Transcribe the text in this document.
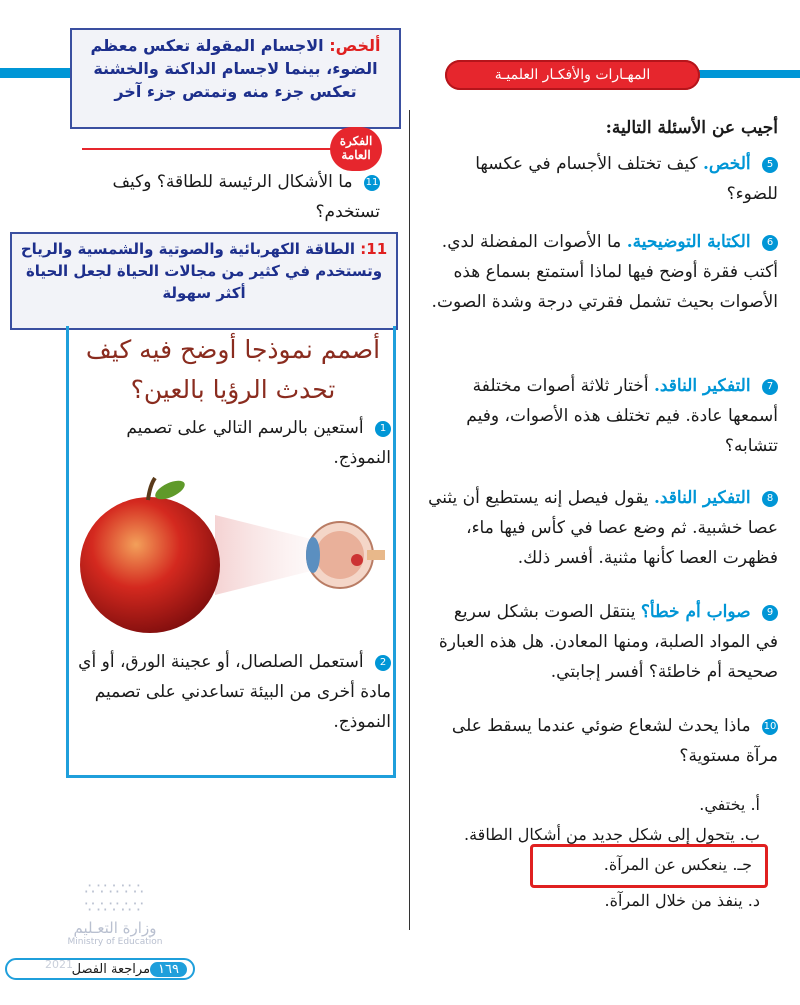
المهـارات والأفكـار العلميـة
ألخص: الاجسام المقولة تعكس معظم الضوء، بينما لاجسام الداكنة والخشنة تعكس جزء منه وتمتص جزء آخر
الفكرة
العامة
11 ما الأشكال الرئيسة للطاقة؟ وكيف تستخدم؟
11: الطاقة الكهربائية والصوتية والشمسية والرياح وتستخدم في كثير من مجالات الحياة لجعل الحياة أكثر سهولة
أصمم نموذجا أوضح فيه كيف تحدث الرؤيا بالعين؟
1 أستعين بالرسم التالي على تصميم النموذج.
2 أستعمل الصلصال، أو عجينة الورق، أو أي مادة أخرى من البيئة تساعدني على تصميم النموذج.
أجيب عن الأسئلة التالية:
5 ألخص. كيف تختلف الأجسام في عكسها للضوء؟
6 الكتابة التوضيحية. ما الأصوات المفضلة لدي. أكتب فقرة أوضح فيها لماذا أستمتع بسماع هذه الأصوات بحيث تشمل فقرتي درجة وشدة الصوت.
7 التفكير الناقد. أختار ثلاثة أصوات مختلفة أسمعها عادة. فيم تختلف هذه الأصوات، وفيم تتشابه؟
8 التفكير الناقد. يقول فيصل إنه يستطيع أن يثني عصا خشبية. ثم وضع عصا في كأس فيها ماء، فظهرت العصا كأنها مثنية. أفسر ذلك.
9 صواب أم خطأ؟ ينتقل الصوت بشكل سريع في المواد الصلبة، ومنها المعادن. هل هذه العبارة صحيحة أم خاطئة؟ أفسر إجابتي.
10 ماذا يحدث لشعاع ضوئي عندما يسقط على مرآة مستوية؟
أ. يختفي.
ب. يتحول إلى شكل جديد من أشكال الطاقة.
جـ. ينعكس عن المرآة.
د. ينفذ من خلال المرآة.
∴∵∴∵∴
∵∴∵∴∵
وزارة التعـليم
Ministry of Education
١٦٩
مراجعة الفصل
2021
